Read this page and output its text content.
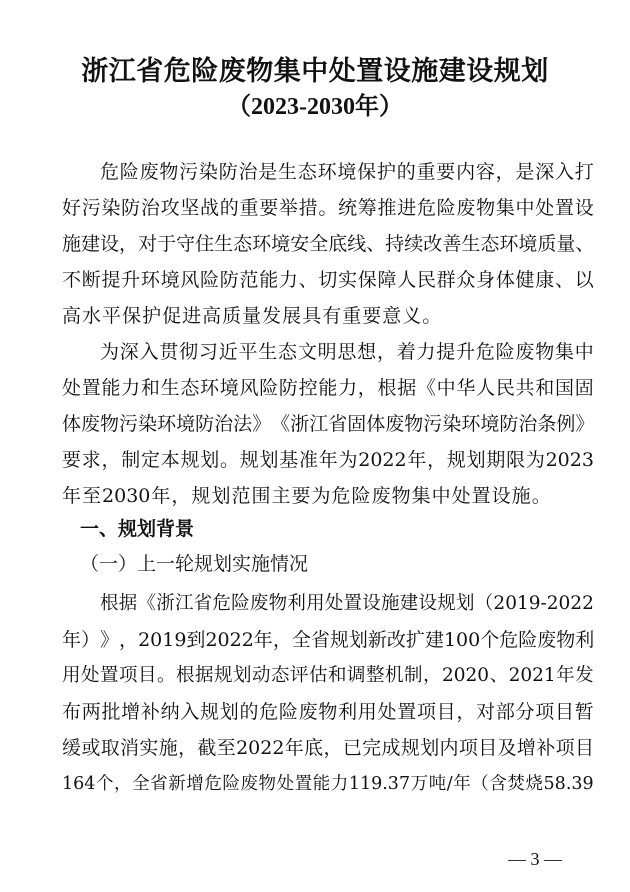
浙江省危险废物集中处置设施建设规划
（2023-2030年）
危 险 废 物 污 染 防 治 是 生 态 环 境 保 护 的 重 要 内 容 ， 是 深 入 打
好 污 染 防 治 攻 坚 战 的 重 要 举 措 。 统 筹 推 进 危 险 废 物 集 中 处 置 设
施 建 设 ， 对 于 守 住 生 态 环 境 安 全 底 线 、 持 续 改 善 生 态 环 境 质 量 、
不 断 提 升 环 境 风 险 防 范 能 力 、 切 实 保 障 人 民 群 众 身 体 健 康 、 以
高 水 平 保 护 促 进 高 质 量 发 展 具 有 重 要 意 义 。
为 深 入 贯 彻 习 近 平 生 态 文 明 思 想 ， 着 力 提 升 危 险 废 物 集 中
处 置 能 力 和 生 态 环 境 风 险 防 控 能 力 ， 根 据 《 中 华 人 民 共 和 国 固
体 废 物 污 染 环 境 防 治 法 》 《 浙 江 省 固 体 废 物 污 染 环 境 防 治 条 例 》
要 求 ， 制 定 本 规 划 。 规 划 基 准 年 为 2022 年 ， 规 划 期 限 为 2023
年 至 2030 年 ， 规 划 范 围 主 要 为 危 险 废 物 集 中 处 置 设 施 。
一、规划背景
（一）上一轮规划实施情况
根 据 《 浙 江 省 危 险 废 物 利 用 处 置 设 施 建 设 规 划 （ 2019-2022
年 ） 》 ， 2019 到 2022 年 ， 全 省 规 划 新 改 扩 建 100 个 危 险 废 物 利
用 处 置 项 目 。 根 据 规 划 动 态 评 估 和 调 整 机 制 ， 2020 、 2021 年 发
布 两 批 增 补 纳 入 规 划 的 危 险 废 物 利 用 处 置 项 目 ， 对 部 分 项 目 暂
缓 或 取 消 实 施 ， 截 至 2022 年 底 ， 已 完 成 规 划 内 项 目 及 增 补 项 目
164 个 ， 全 省 新 增 危 险 废 物 处 置 能 力 119.37 万 吨 / 年 （ 含 焚 烧 58.39
— 3 —
